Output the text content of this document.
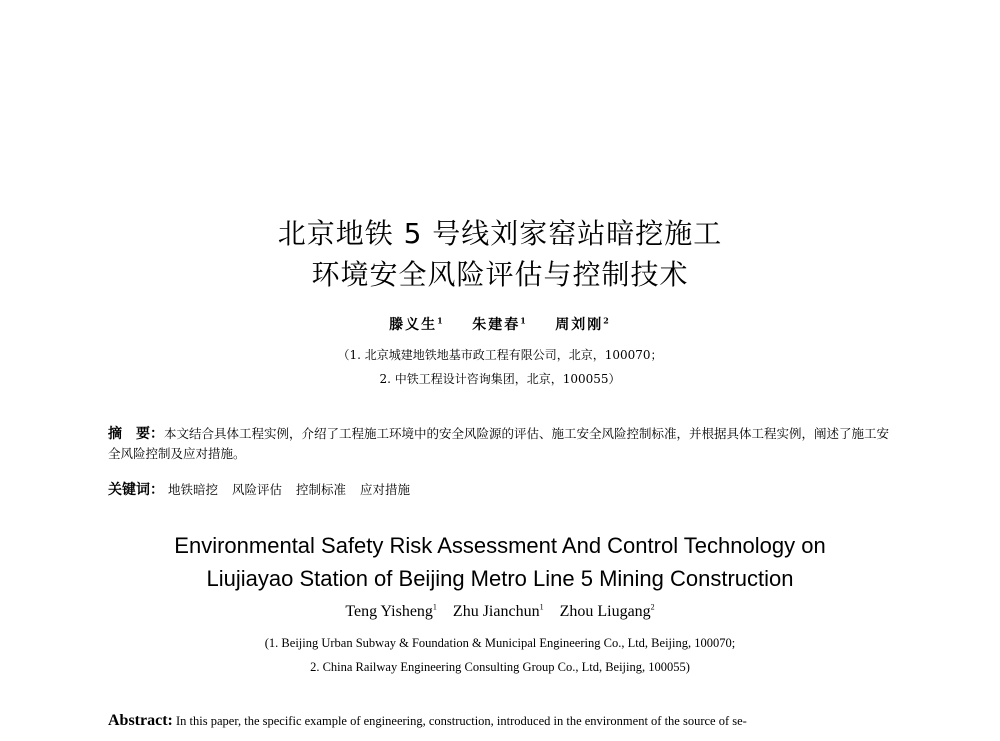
北京地铁 5 号线刘家窑站暗挖施工
环境安全风险评估与控制技术
滕义生$^1$ 朱建春$^1$ 周刘刚$^2$
（1. 北京城建地铁地基市政工程有限公司，北京，100070；
2. 中铁工程设计咨询集团，北京，100055）
摘　要：本文结合具体工程实例，介绍了工程施工环境中的安全风险源的评估、施工安全风险控制标准，并根据具体工程实例，阐述了施工安全风险控制及应对措施。
关键词： 地铁暗挖 风险评估 控制标准 应对措施
Environmental Safety Risk Assessment And Control Technology on
Liujiayao Station of Beijing Metro Line 5 Mining Construction
Teng Yisheng$^1$ Zhu Jianchun$^1$ Zhou Liugang$^2$
(1. Beijing Urban Subway & Foundation & Municipal Engineering Co., Ltd, Beijing, 100070;
2. China Railway Engineering Consulting Group Co., Ltd, Beijing, 100055)
Abstract: In this paper, the specific example of engineering, construction, introduced in the environment of the source of se-
